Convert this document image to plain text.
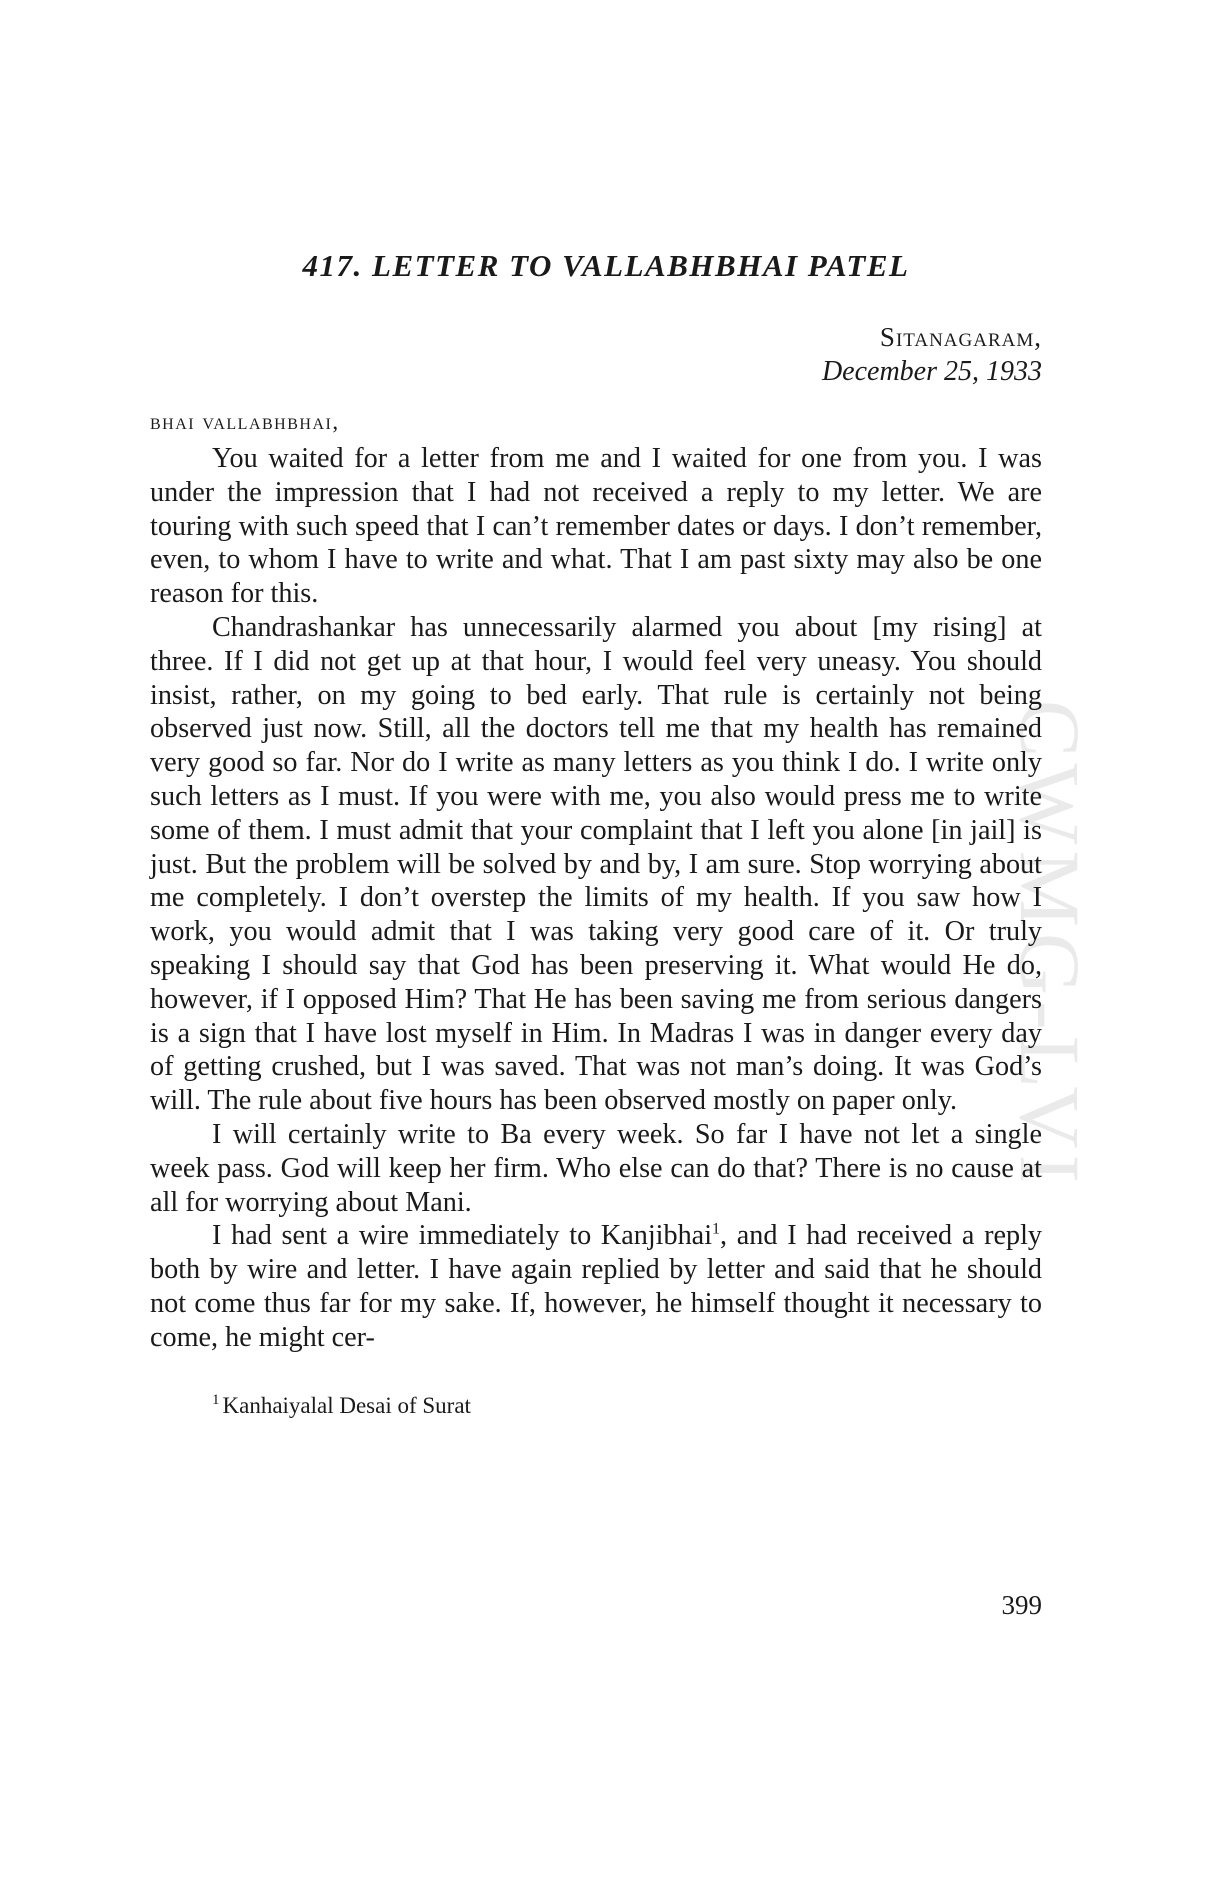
CWMG-LVI
417. LETTER TO VALLABHBHAI PATEL
Sitanagaram,
December 25, 1933
bhai vallabhbhai,

You waited for a letter from me and I waited for one from you. I was under the impression that I had not received a reply to my letter. We are touring with such speed that I can’t remember dates or days. I don’t remember, even, to whom I have to write and what. That I am past sixty may also be one reason for this.

Chandrashankar has unnecessarily alarmed you about [my rising] at three. If I did not get up at that hour, I would feel very uneasy. You should insist, rather, on my going to bed early. That rule is certainly not being observed just now. Still, all the doctors tell me that my health has remained very good so far. Nor do I write as many letters as you think I do. I write only such letters as I must. If you were with me, you also would press me to write some of them. I must admit that your complaint that I left you alone [in jail] is just. But the problem will be solved by and by, I am sure. Stop worrying about me completely. I don’t overstep the limits of my health. If you saw how I work, you would admit that I was taking very good care of it. Or truly speaking I should say that God has been preserving it. What would He do, however, if I opposed Him? That He has been saving me from serious dangers is a sign that I have lost myself in Him. In Madras I was in danger every day of getting crushed, but I was saved. That was not man’s doing. It was God’s will. The rule about five hours has been observed mostly on paper only.

I will certainly write to Ba every week. So far I have not let a single week pass. God will keep her firm. Who else can do that? There is no cause at all for worrying about Mani.

I had sent a wire immediately to Kanjibhai$^1$, and I had received a reply both by wire and letter. I have again replied by letter and said that he should not come thus far for my sake. If, however, he himself thought it necessary to come, he might cer-

$^1$ Kanhaiyalal Desai of Surat
399
